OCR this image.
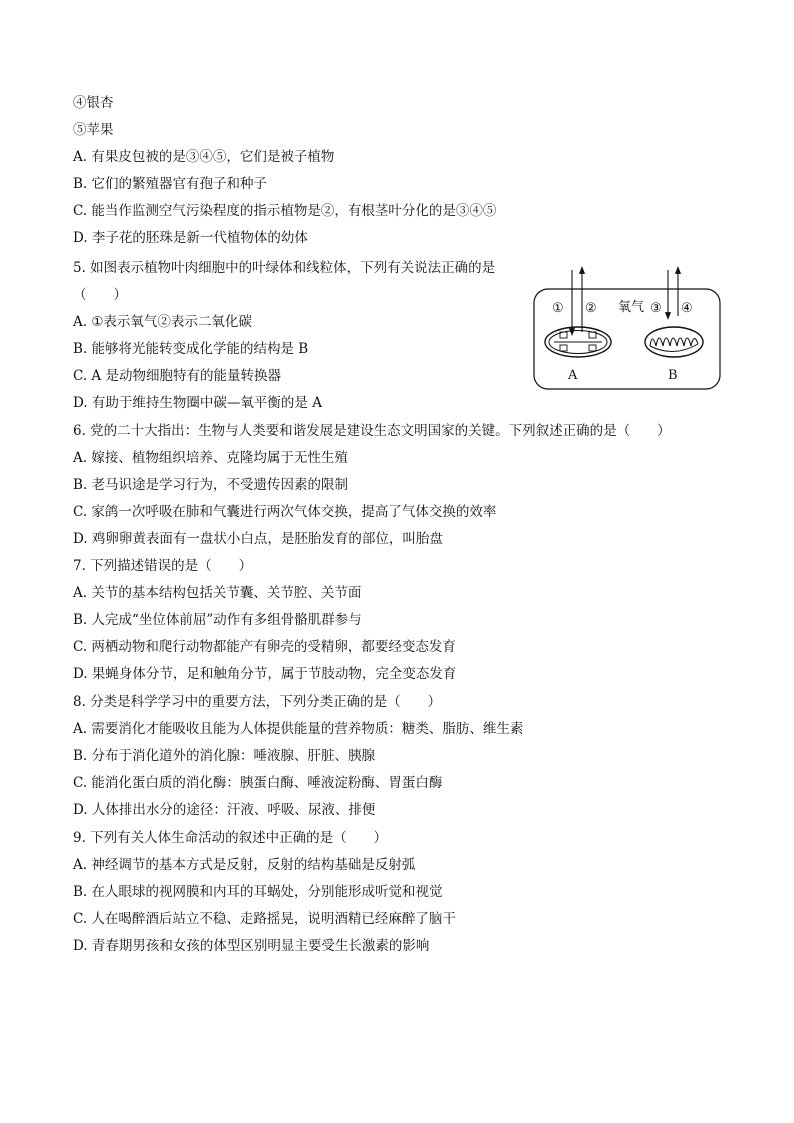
④银杏
⑤苹果
A. 有果皮包被的是③④⑤，它们是被子植物
B. 它们的繁殖器官有孢子和种子
C. 能当作监测空气污染程度的指示植物是②，有根茎叶分化的是③④⑤
D. 李子花的胚珠是新一代植物体的幼体
5. 如图表示植物叶肉细胞中的叶绿体和线粒体，下列有关说法正确的是
（　　）
A. ①表示氧气②表示二氧化碳
B. 能够将光能转变成化学能的结构是 B
C. A 是动物细胞特有的能量转换器
D. 有助于维持生物圈中碳—氧平衡的是 A
6. 党的二十大指出：生物与人类要和谐发展是建设生态文明国家的关键。下列叙述正确的是（　　）
A. 嫁接、植物组织培养、克隆均属于无性生殖
B. 老马识途是学习行为，不受遗传因素的限制
C. 家鸽一次呼吸在肺和气囊进行两次气体交换，提高了气体交换的效率
D. 鸡卵卵黄表面有一盘状小白点，是胚胎发育的部位，叫胎盘
7. 下列描述错误的是（　　）
A. 关节的基本结构包括关节囊、关节腔、关节面
B. 人完成“坐位体前屈”动作有多组骨骼肌群参与
C. 两栖动物和爬行动物都能产有卵壳的受精卵，都要经变态发育
D. 果蝇身体分节，足和触角分节，属于节肢动物，完全变态发育
8. 分类是科学学习中的重要方法，下列分类正确的是（　　）
A. 需要消化才能吸收且能为人体提供能量的营养物质：糖类、脂肪、维生素
B. 分布于消化道外的消化腺：唾液腺、肝脏、胰腺
C. 能消化蛋白质的消化酶：胰蛋白酶、唾液淀粉酶、胃蛋白酶
D. 人体排出水分的途径：汗液、呼吸、尿液、排便
9. 下列有关人体生命活动的叙述中正确的是（　　）
A. 神经调节的基本方式是反射，反射的结构基础是反射弧
B. 在人眼球的视网膜和内耳的耳蜗处，分别能形成听觉和视觉
C. 人在喝醉酒后站立不稳、走路摇晃，说明酒精已经麻醉了脑干
D. 青春期男孩和女孩的体型区别明显主要受生长激素的影响
① ② 氧气 ③ ④
A	B
